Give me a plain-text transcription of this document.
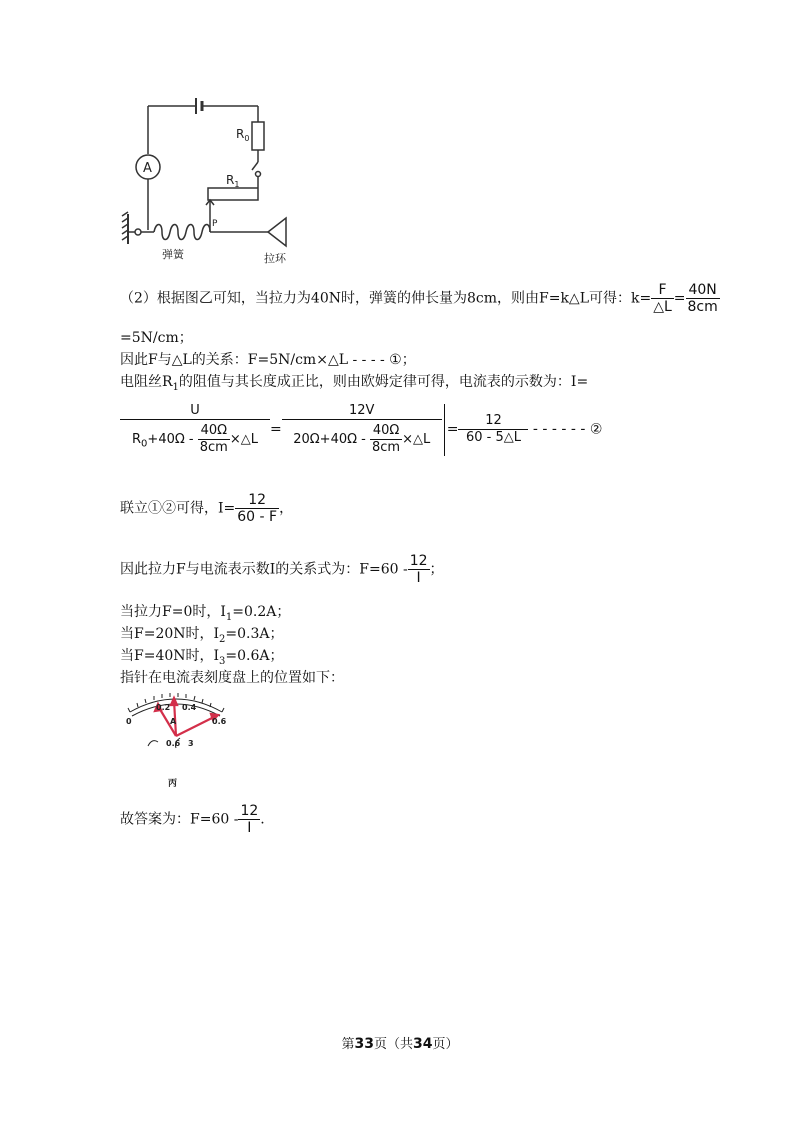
$R_0$
$R_1$
A
P
弹簧	拉环
（2）根据图乙可知，当拉力为40N时，弹簧的伸长量为8cm，则由F=k△L可得：$k= \frac{F}{\triangle L} = \frac{40N}{8cm}$
=5N/cm；
因此F与△L的关系：F=5N/cm×△L - - - - ①；
电阻丝$R_1$的阻值与其长度成正比，则由欧姆定律可得，电流表的示数为：I=
$\frac{U}{R_0+40\Omega - \frac{40\Omega}{8cm} \times\triangle L} = \frac{12V}{20\Omega+40\Omega - \frac{40\Omega}{8cm} \times\triangle L} = \frac{12}{60 - 5\triangle L}$ - - - - - - ②
联立①②可得，$I= \frac{12}{60 - F}$ ，
因此拉力F与电流表示数I的关系式为：$F=60 - \frac{12}{I}$ ；
当拉力F=0时，$I_1=0.2A$；
当F=20N时，$I_2=0.3A$；
当F=40N时，$I_3=0.6A$；
指针在电流表刻度盘上的位置如下：
0
0.2 0.4
0.6
A
0.6 3
丙
故答案为：$F=60 - \frac{12}{I}$ .
第33页（共34页）
